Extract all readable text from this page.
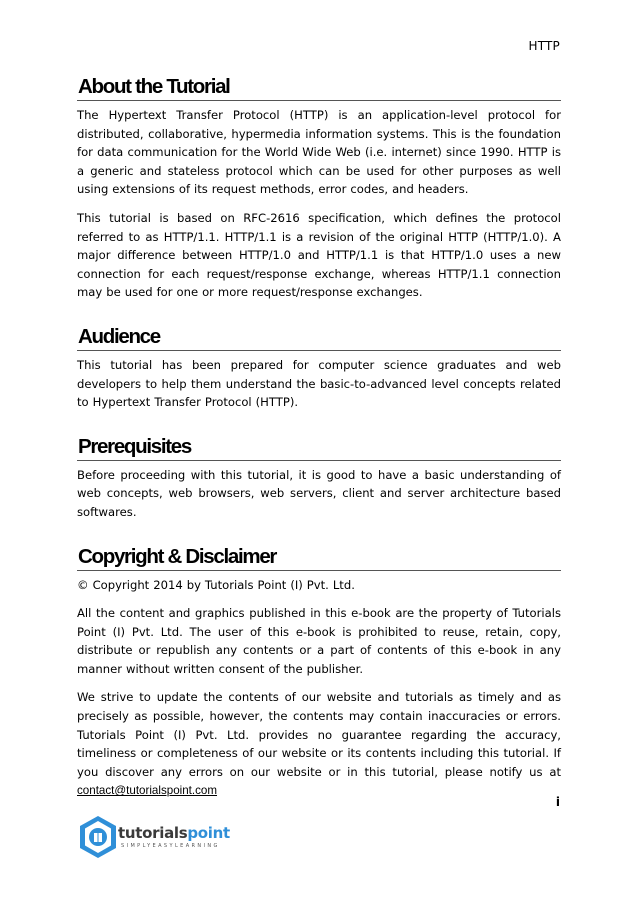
HTTP
About the Tutorial

The Hypertext Transfer Protocol (HTTP) is an application-level protocol for distributed, collaborative, hypermedia information systems. This is the foundation for data communication for the World Wide Web (i.e. internet) since 1990. HTTP is a generic and stateless protocol which can be used for other purposes as well using extensions of its request methods, error codes, and headers.

This tutorial is based on RFC-2616 specification, which defines the protocol referred to as HTTP/1.1. HTTP/1.1 is a revision of the original HTTP (HTTP/1.0). A major difference between HTTP/1.0 and HTTP/1.1 is that HTTP/1.0 uses a new connection for each request/response exchange, whereas HTTP/1.1 connection may be used for one or more request/response exchanges.

Audience

This tutorial has been prepared for computer science graduates and web developers to help them understand the basic-to-advanced level concepts related to Hypertext Transfer Protocol (HTTP).

Prerequisites

Before proceeding with this tutorial, it is good to have a basic understanding of web concepts, web browsers, web servers, client and server architecture based softwares.

Copyright & Disclaimer

© Copyright 2014 by Tutorials Point (I) Pvt. Ltd.

All the content and graphics published in this e-book are the property of Tutorials Point (I) Pvt. Ltd. The user of this e-book is prohibited to reuse, retain, copy, distribute or republish any contents or a part of contents of this e-book in any manner without written consent of the publisher.

We strive to update the contents of our website and tutorials as timely and as precisely as possible, however, the contents may contain inaccuracies or errors. Tutorials Point (I) Pvt. Ltd. provides no guarantee regarding the accuracy, timeliness or completeness of our website or its contents including this tutorial. If you discover any errors on our website or in this tutorial, please notify us at contact@tutorialspoint.com

i
tutorialspoint
SIMPLYEASYLEARNING
